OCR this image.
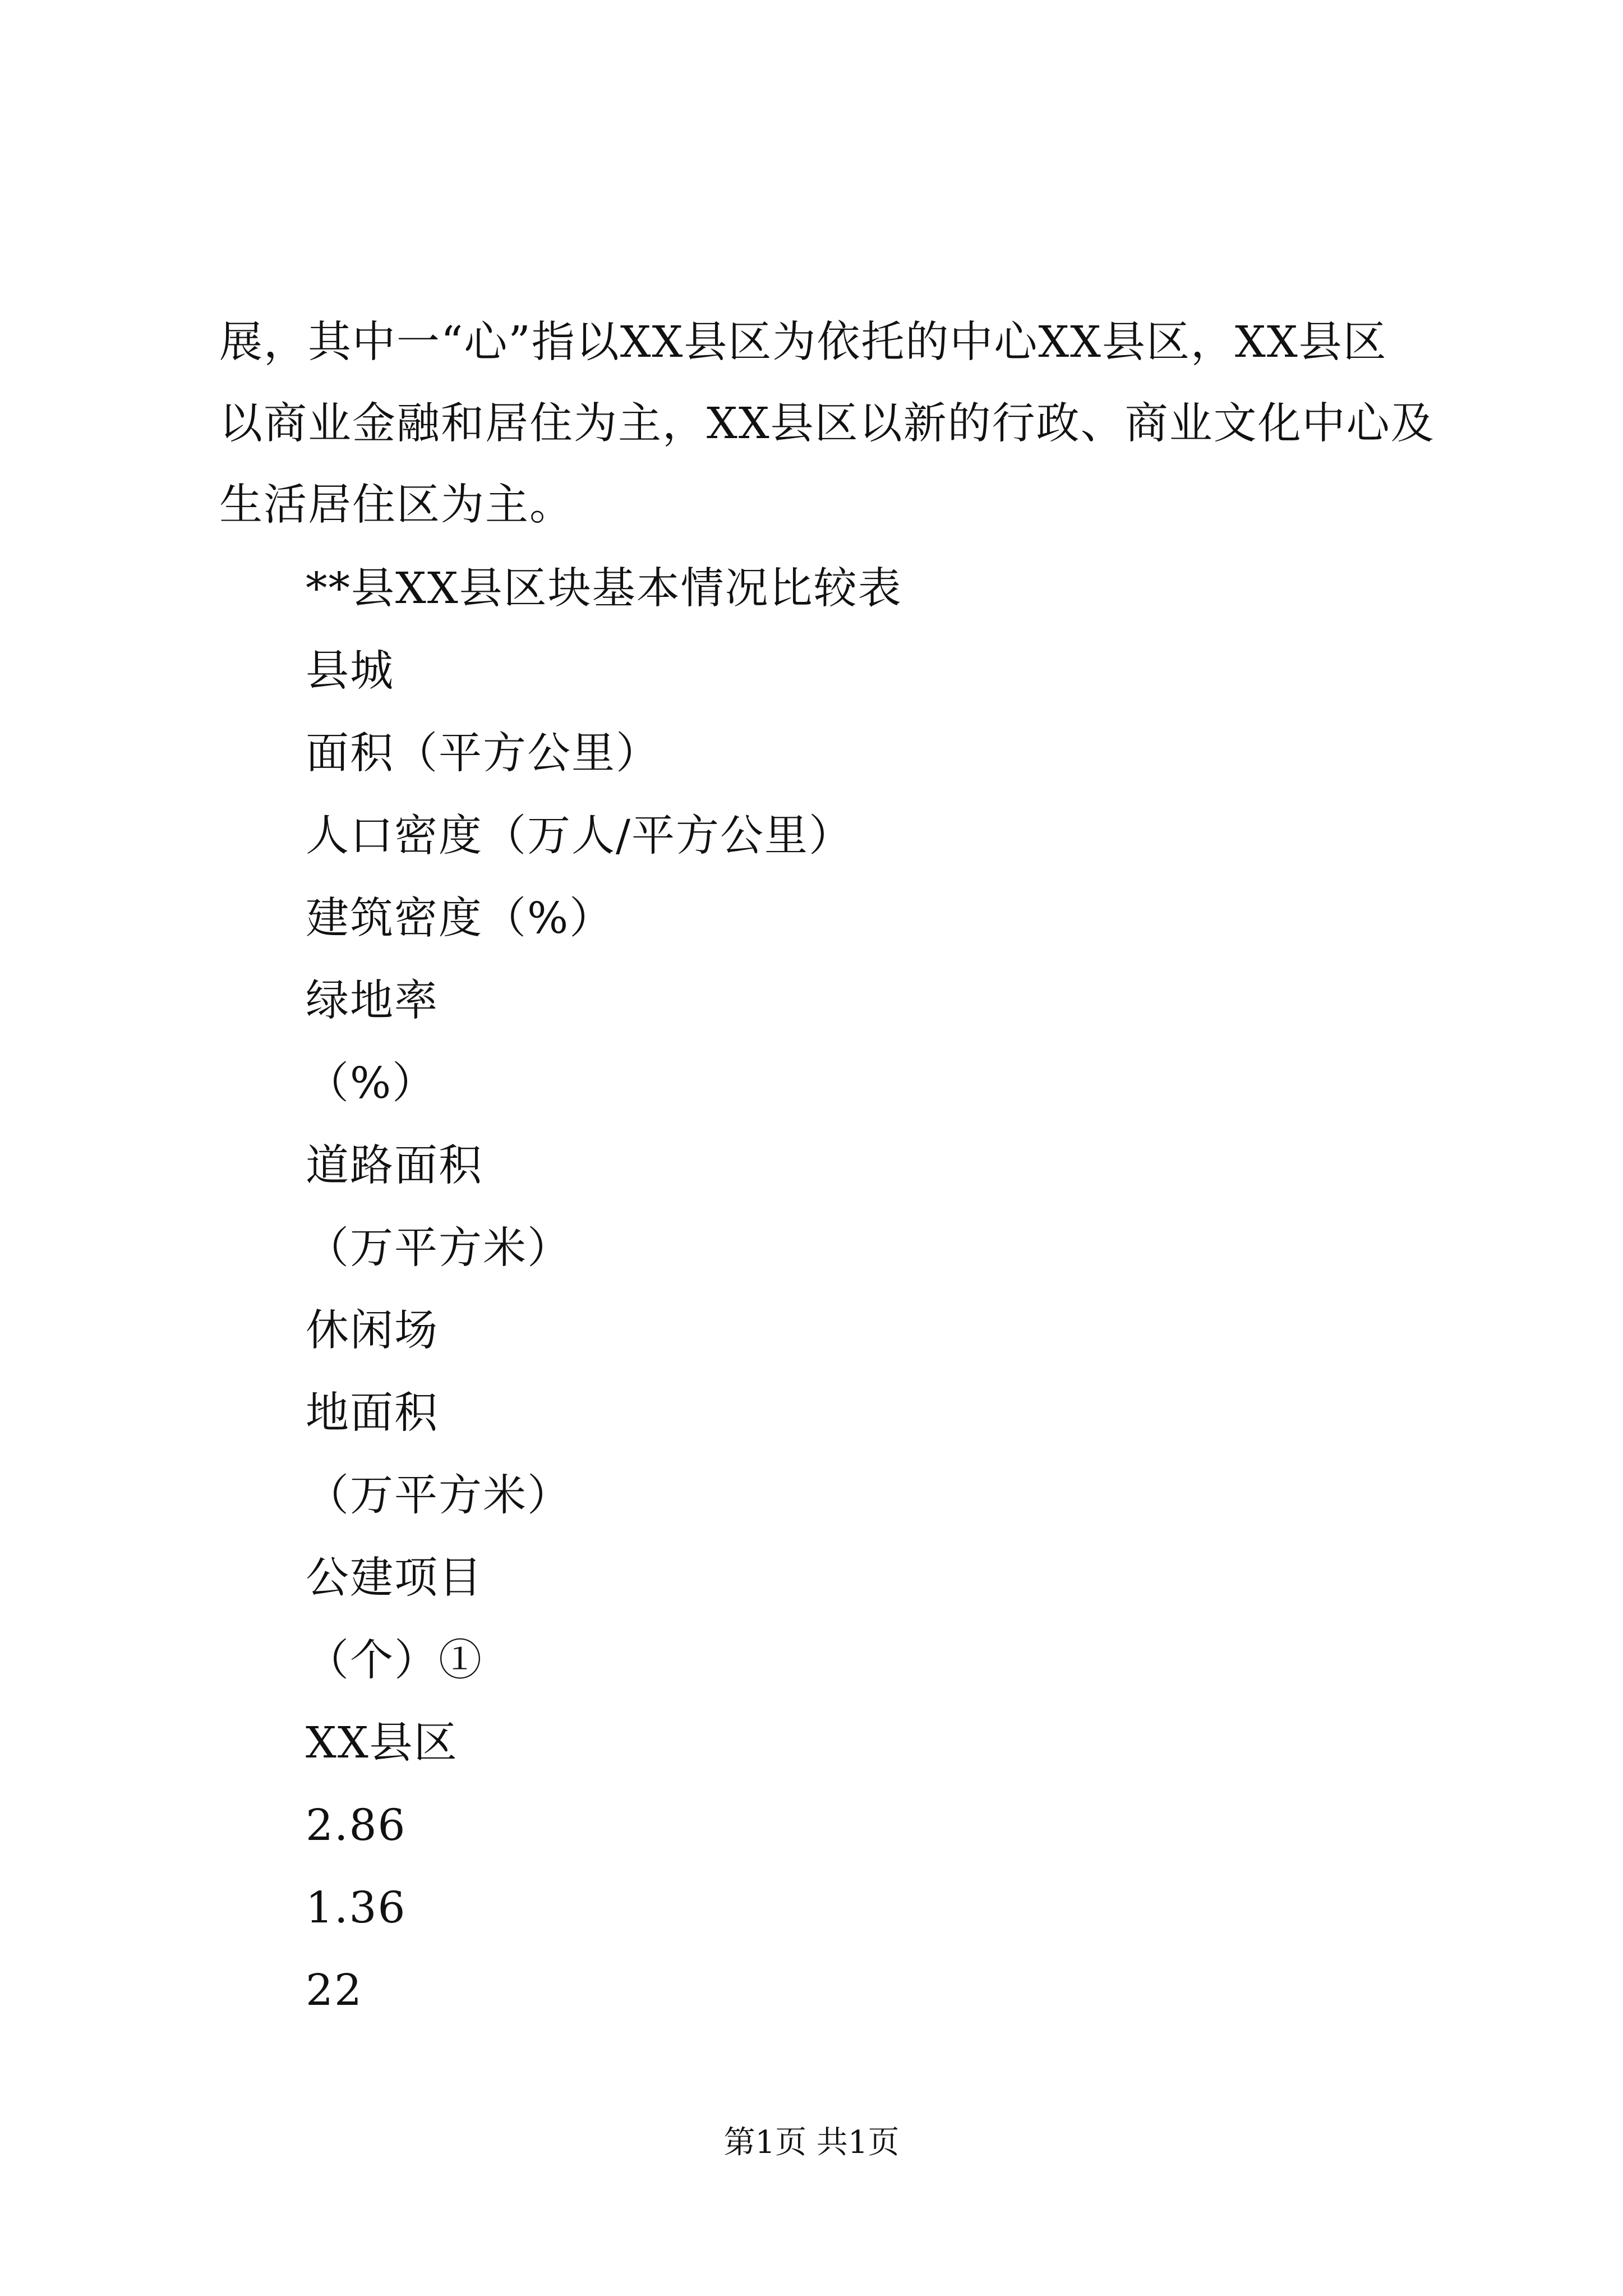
展，其中一“心”指以XX县区为依托的中心XX县区，XX县区
以商业金融和居住为主，XX县区以新的行政、商业文化中心及
生活居住区为主。
**县XX县区块基本情况比较表
县城
面积（平方公里）
人口密度（万人/平方公里）
建筑密度（%）
绿地率
（%）
道路面积
（万平方米）
休闲场
地面积
（万平方米）
公建项目
（个）①
XX县区
2.86
1.36
22
第1页 共1页
